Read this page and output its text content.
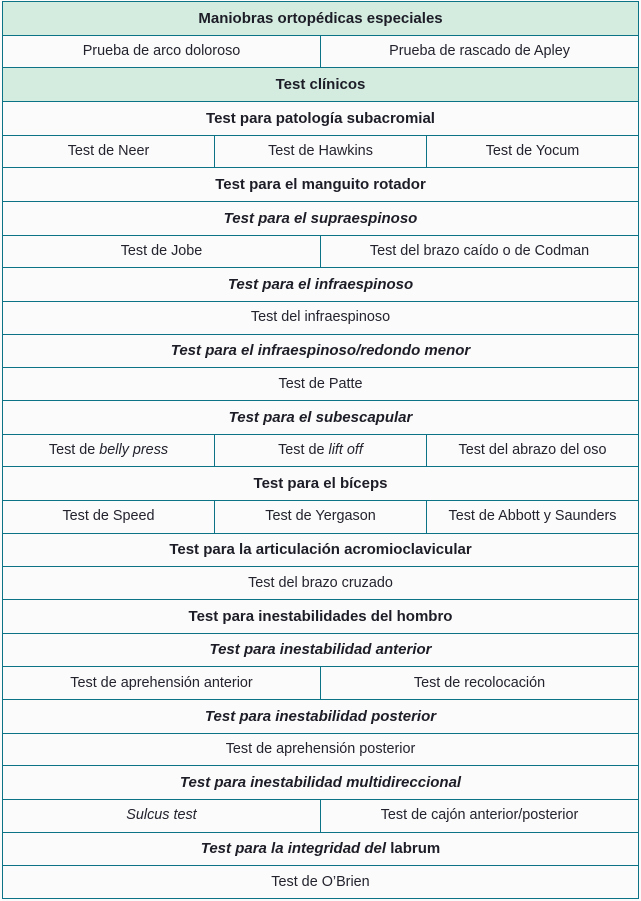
Maniobras ortopédicas especiales			
Prueba de arco doloroso		Prueba de rascado de Apley	
Test clínicos			
Test para patología subacromial			
Test de Neer	Test de Hawkins		Test de Yocum
Test para el manguito rotador			
Test para el supraespinoso			
Test de Jobe		Test del brazo caído o de Codman	
Test para el infraespinoso			
Test del infraespinoso			
Test para el infraespinoso/redondo menor			
Test de Patte			
Test para el subescapular			
Test de belly press	Test de lift off		Test del abrazo del oso
Test para el bíceps			
Test de Speed	Test de Yergason		Test de Abbott y Saunders
Test para la articulación acromioclavicular			
Test del brazo cruzado			
Test para inestabilidades del hombro			
Test para inestabilidad anterior			
Test de aprehensión anterior		Test de recolocación	
Test para inestabilidad posterior			
Test de aprehensión posterior			
Test para inestabilidad multidireccional			
Sulcus test		Test de cajón anterior/posterior	
Test para la integridad del labrum			
Test de O’Brien			
